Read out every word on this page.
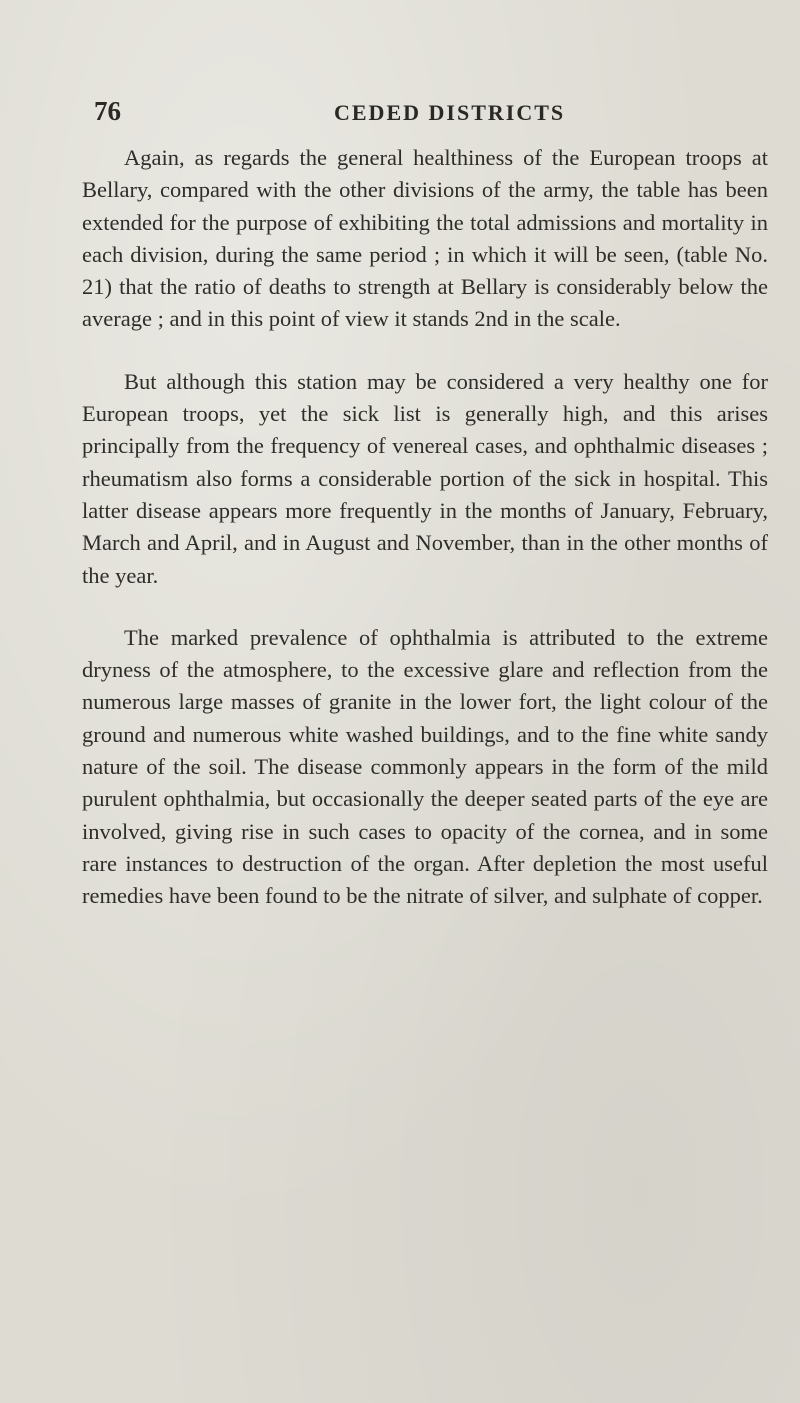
76	CEDED DISTRICTS

Again, as regards the general healthiness of the European troops at Bellary, compared with the other divisions of the army, the table has been extended for the purpose of exhibiting the total admissions and mortality in each division, during the same period ; in which it will be seen, (table No. 21) that the ratio of deaths to strength at Bellary is considerably below the average ; and in this point of view it stands 2nd in the scale.

But although this station may be considered a very healthy one for European troops, yet the sick list is generally high, and this arises principally from the frequency of venereal cases, and ophthalmic diseases ; rheumatism also forms a considerable portion of the sick in hospital. This latter disease appears more frequently in the months of January, February, March and April, and in August and November, than in the other months of the year.

The marked prevalence of ophthalmia is attributed to the extreme dryness of the atmosphere, to the excessive glare and reflection from the numerous large masses of granite in the lower fort, the light colour of the ground and numerous white washed buildings, and to the fine white sandy nature of the soil. The disease commonly appears in the form of the mild purulent ophthalmia, but occasionally the deeper seated parts of the eye are involved, giving rise in such cases to opacity of the cornea, and in some rare instances to destruction of the organ. After depletion the most useful remedies have been found to be the nitrate of silver, and sulphate of copper.
